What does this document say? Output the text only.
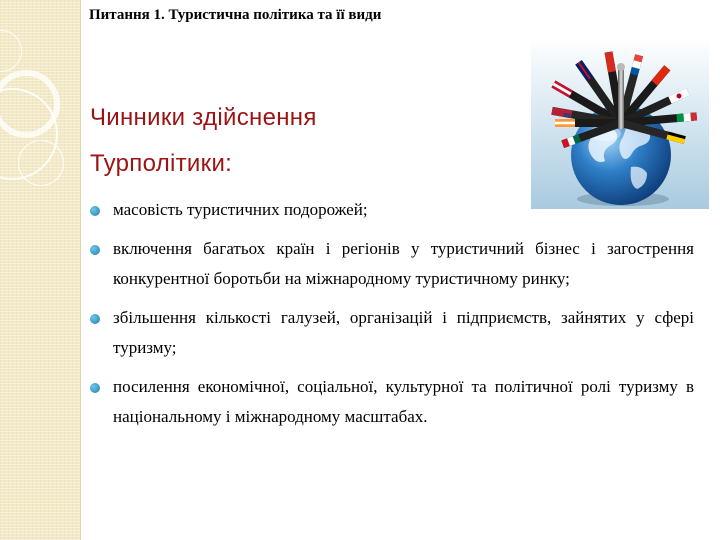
Питання 1. Туристична політика та її види
Чинники здійснення
Турполітики:
масовість туристичних подорожей;
включення багатьох країн і регіонів у туристичний бізнес і загострення конкурентної боротьби на міжнародному туристичному ринку;
збільшення кількості галузей, організацій і підприємств, зайнятих у сфері туризму;
посилення економічної, соціальної, культурної та політичної ролі туризму в національному і міжнародному масштабах.
